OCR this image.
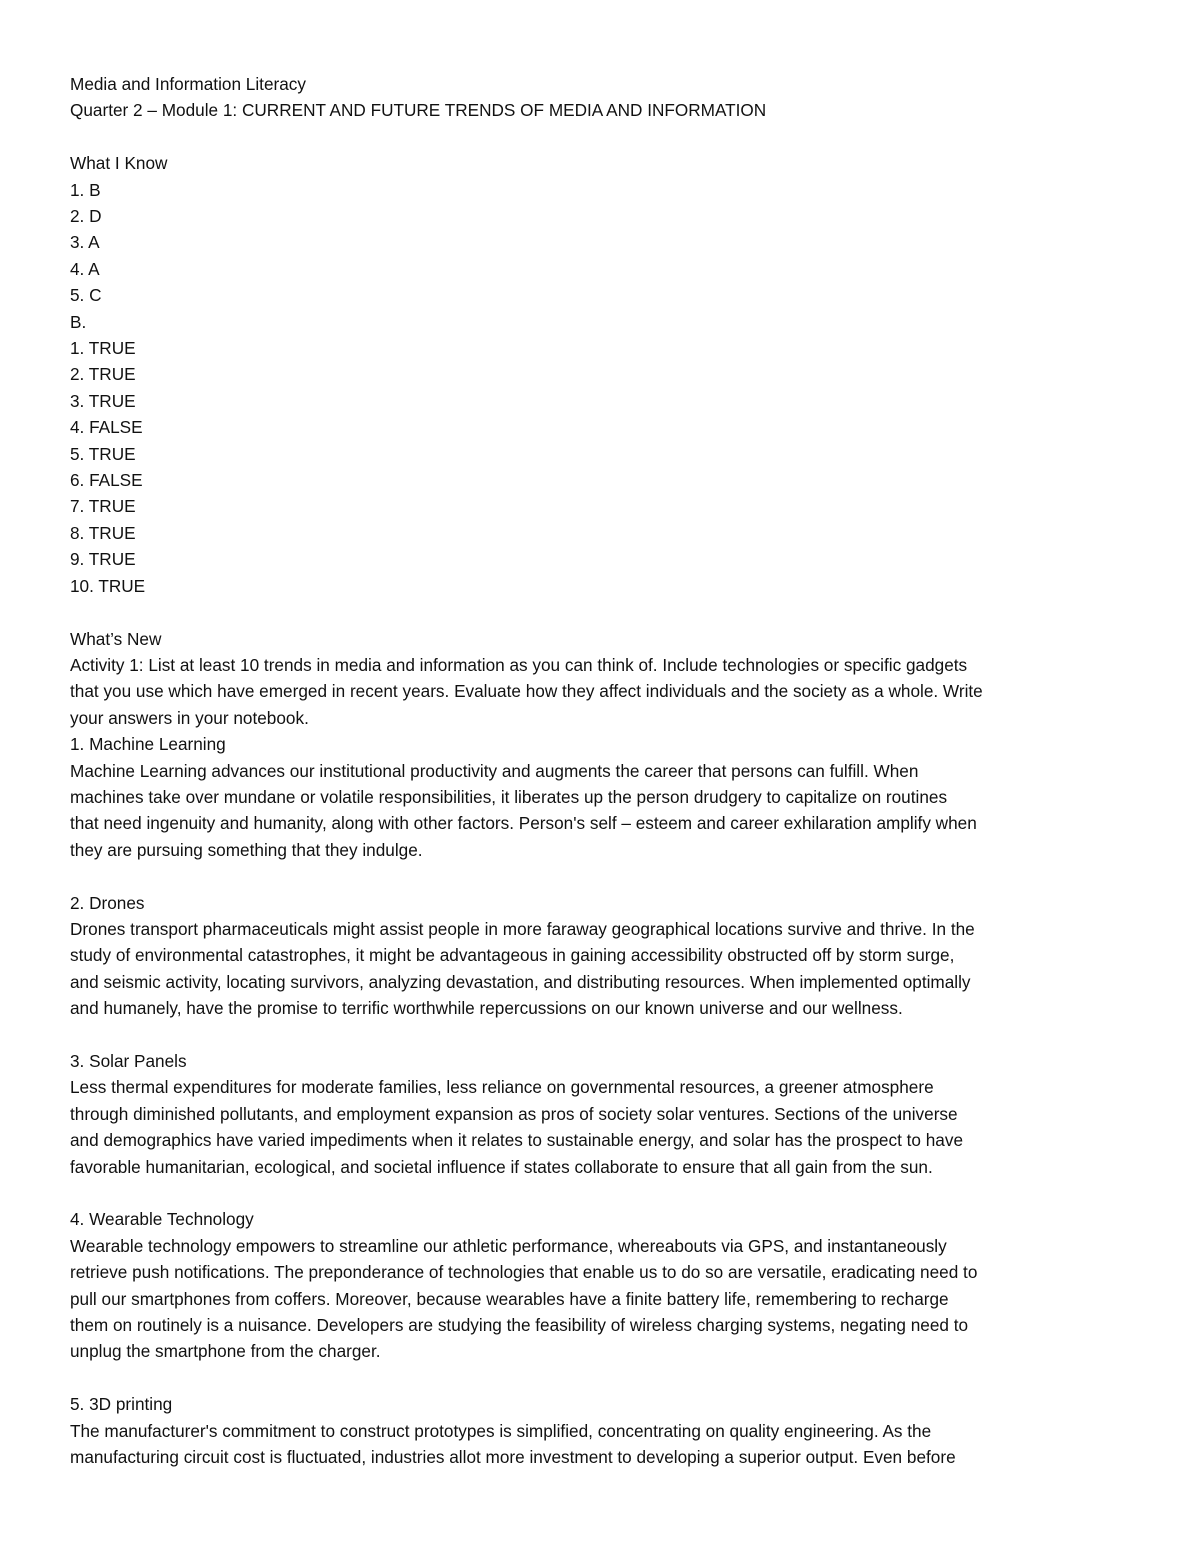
Media and Information Literacy
Quarter 2 – Module 1: CURRENT AND FUTURE TRENDS OF MEDIA AND INFORMATION
What I Know
1. B
2. D
3. A
4. A
5. C
B.
1. TRUE
2. TRUE
3. TRUE
4. FALSE
5. TRUE
6. FALSE
7. TRUE
8. TRUE
9. TRUE
10. TRUE
What’s New
Activity 1: List at least 10 trends in media and information as you can think of. Include technologies or specific gadgets
that you use which have emerged in recent years. Evaluate how they affect individuals and the society as a whole. Write
your answers in your notebook.
1. Machine Learning
Machine Learning advances our institutional productivity and augments the career that persons can fulfill. When
machines take over mundane or volatile responsibilities, it liberates up the person drudgery to capitalize on routines
that need ingenuity and humanity, along with other factors. Person's self – esteem and career exhilaration amplify when
they are pursuing something that they indulge.
2. Drones
Drones transport pharmaceuticals might assist people in more faraway geographical locations survive and thrive. In the
study of environmental catastrophes, it might be advantageous in gaining accessibility obstructed off by storm surge,
and seismic activity, locating survivors, analyzing devastation, and distributing resources. When implemented optimally
and humanely, have the promise to terrific worthwhile repercussions on our known universe and our wellness.
3. Solar Panels
Less thermal expenditures for moderate families, less reliance on governmental resources, a greener atmosphere
through diminished pollutants, and employment expansion as pros of society solar ventures. Sections of the universe
and demographics have varied impediments when it relates to sustainable energy, and solar has the prospect to have
favorable humanitarian, ecological, and societal influence if states collaborate to ensure that all gain from the sun.
4. Wearable Technology
Wearable technology empowers to streamline our athletic performance, whereabouts via GPS, and instantaneously
retrieve push notifications. The preponderance of technologies that enable us to do so are versatile, eradicating need to
pull our smartphones from coffers. Moreover, because wearables have a finite battery life, remembering to recharge
them on routinely is a nuisance. Developers are studying the feasibility of wireless charging systems, negating need to
unplug the smartphone from the charger.
5. 3D printing
The manufacturer's commitment to construct prototypes is simplified, concentrating on quality engineering. As the
manufacturing circuit cost is fluctuated, industries allot more investment to developing a superior output. Even before
